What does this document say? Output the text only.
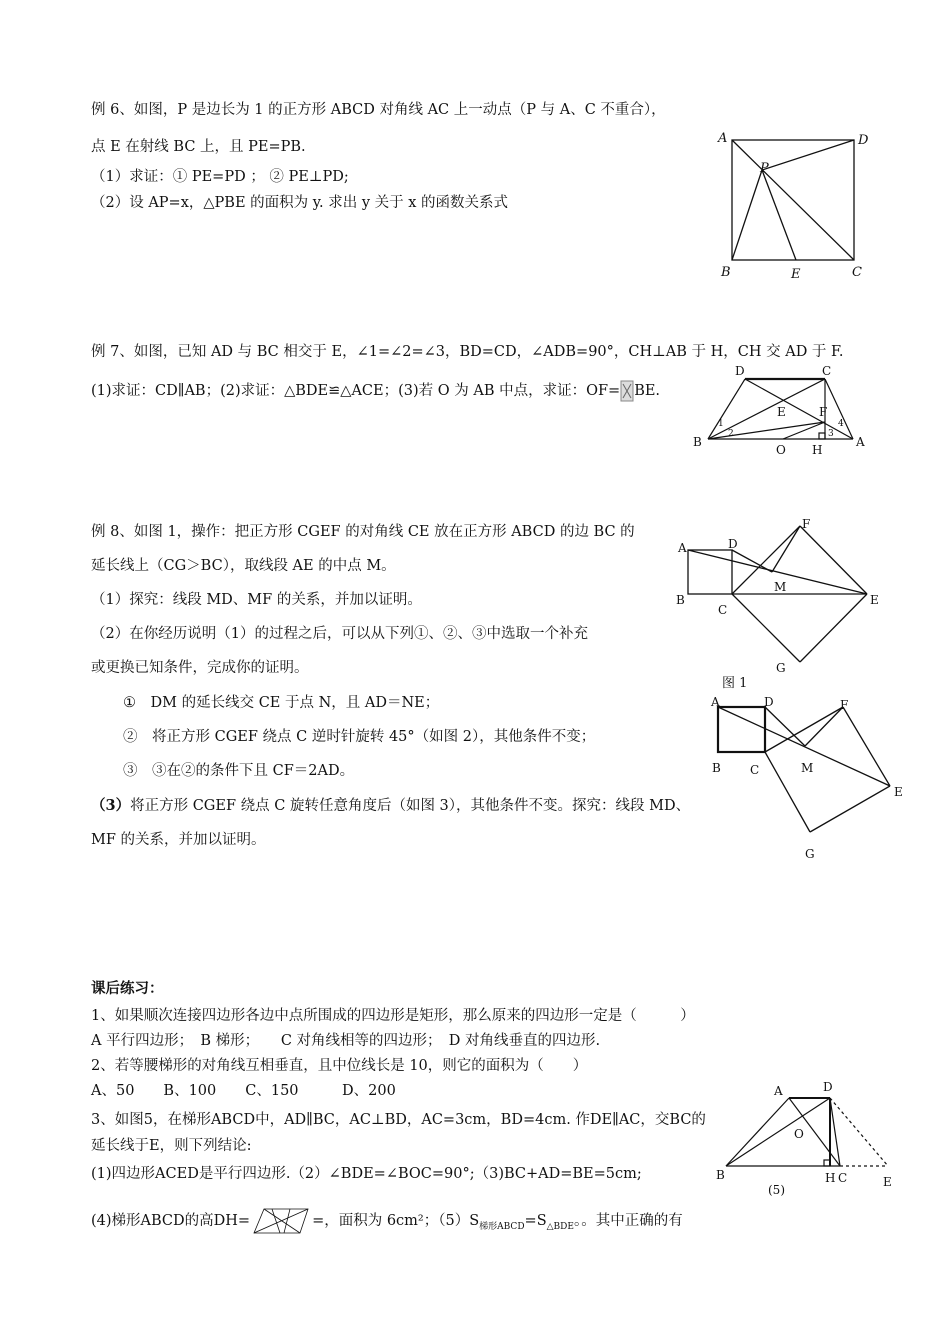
例 6、如图，P 是边长为 1 的正方形 ABCD 对角线 AC 上一动点（P 与 A、C 不重合），
点 E 在射线 BC 上，且 PE=PB.
（1）求证：① PE=PD ； ② PE⊥PD;
（2）设 AP=x，△PBE 的面积为 y. 求出 y 关于 x 的函数关系式
A	D
P
B	E	C
例 7、如图，已知 AD 与 BC 相交于 E，∠1=∠2=∠3，BD=CD，∠ADB=90°，CH⊥AB 于 H，CH 交 AD 于 F.
(1)求证：CD∥AB；(2)求证：△BDE≌△ACE；(3)若 O 为 AB 中点，求证：OF= BE.
D	C
E	F
B	A
O H
1
2	3
4
例 8、如图 1，操作：把正方形 CGEF 的对角线 CE 放在正方形 ABCD 的边 BC 的
延长线上（CG＞BC），取线段 AE 的中点 M。
（1）探究：线段 MD、MF 的关系，并加以证明。
（2）在你经历说明（1）的过程之后，可以从下列①、②、③中选取一个补充
或更换已知条件，完成你的证明。
①　DM 的延长线交 CE 于点 N，且 AD＝NE；
②　将正方形 CGEF 绕点 C 逆时针旋转 45°（如图 2），其他条件不变；
③　③在②的条件下且 CF＝2AD。
（3）将正方形 CGEF 绕点 C 旋转任意角度后（如图 3），其他条件不变。探究：线段 MD、
MF 的关系，并加以证明。
A	D
F
M
B
C
E
G
图 1
A	D	F
B C	M
E
G
课后练习：
1、如果顺次连接四边形各边中点所围成的四边形是矩形，那么原来的四边形一定是（　　　）
A 平行四边形；　B 梯形；　　C 对角线相等的四边形；　D 对角线垂直的四边形.
2、若等腰梯形的对角线互相垂直，且中位线长是 10，则它的面积为（　　）
A、50　　B、100　　C、150　　　D、200
3、如图5，在梯形ABCD中，AD∥BC，AC⊥BD，AC=3cm，BD=4cm. 作DE∥AC，交BC的
延长线于E，则下列结论:
(1)四边形ACED是平行四边形.（2）∠BDE=∠BOC=90°;（3)BC+AD=BE=5cm;
(4)梯形ABCD的高DH=	=，面积为 6cm²；$(5)S_{梯形ABCD}=S_{\triangle BDE}$。。其中正确的有
A	D
O
B	H C	E
(5)
